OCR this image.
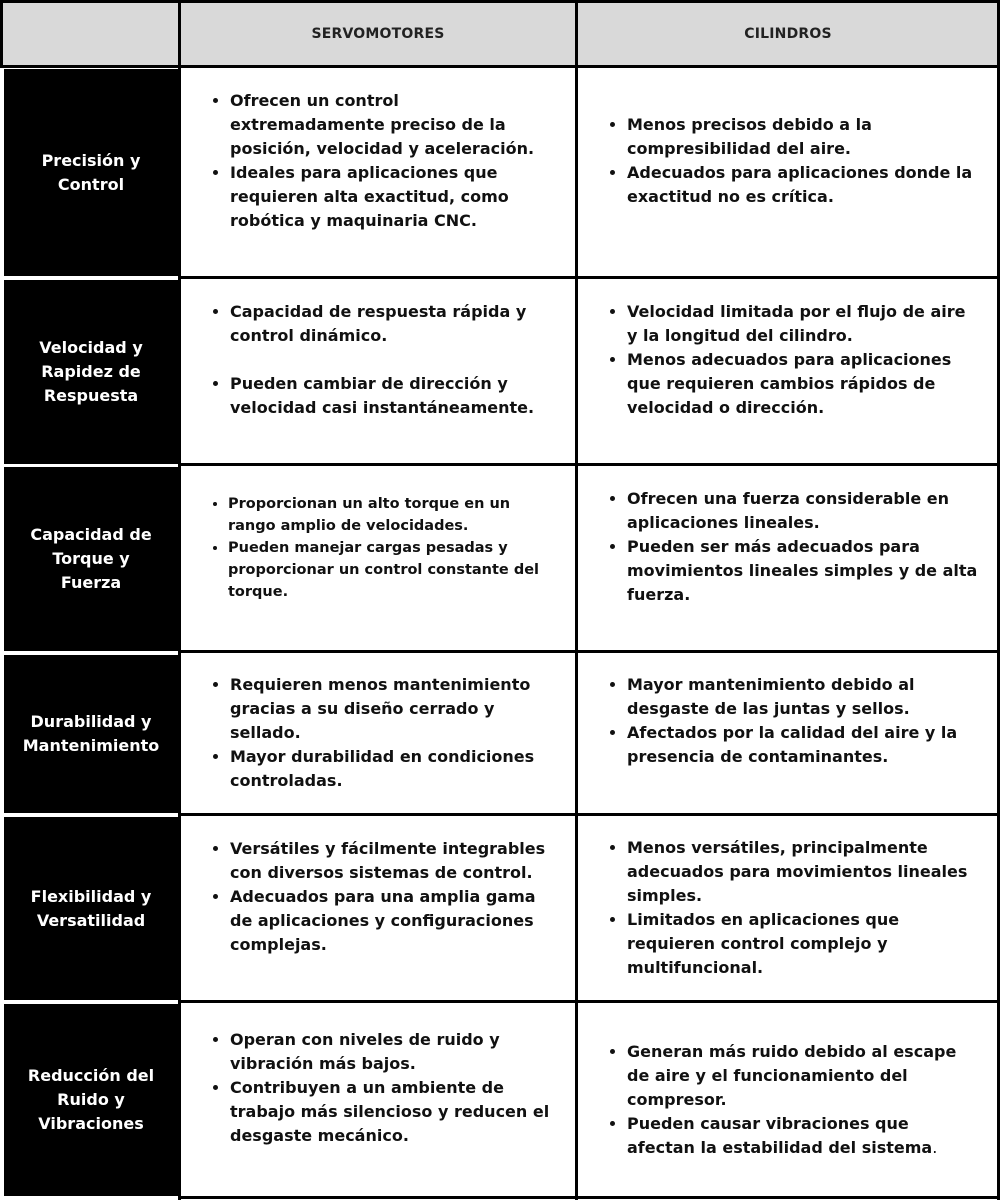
SERVOMOTORES	CILINDROS
Precisión y Control
• Ofrecen un control extremadamente preciso de la posición, velocidad y aceleración.
• Ideales para aplicaciones que requieren alta exactitud, como robótica y maquinaria CNC.
• Menos precisos debido a la compresibilidad del aire.
• Adecuados para aplicaciones donde la exactitud no es crítica.
Velocidad y Rapidez de Respuesta
• Capacidad de respuesta rápida y control dinámico.
• Pueden cambiar de dirección y velocidad casi instantáneamente.
• Velocidad limitada por el flujo de aire y la longitud del cilindro.
• Menos adecuados para aplicaciones que requieren cambios rápidos de velocidad o dirección.
Capacidad de Torque y Fuerza
• Proporcionan un alto torque en un rango amplio de velocidades.
• Pueden manejar cargas pesadas y proporcionar un control constante del torque.
• Ofrecen una fuerza considerable en aplicaciones lineales.
• Pueden ser más adecuados para movimientos lineales simples y de alta fuerza.
Durabilidad y Mantenimiento
• Requieren menos mantenimiento gracias a su diseño cerrado y sellado.
• Mayor durabilidad en condiciones controladas.
• Mayor mantenimiento debido al desgaste de las juntas y sellos.
• Afectados por la calidad del aire y la presencia de contaminantes.
Flexibilidad y Versatilidad
• Versátiles y fácilmente integrables con diversos sistemas de control.
• Adecuados para una amplia gama de aplicaciones y configuraciones complejas.
• Menos versátiles, principalmente adecuados para movimientos lineales simples.
• Limitados en aplicaciones que requieren control complejo y multifuncional.
Reducción del Ruido y Vibraciones
• Operan con niveles de ruido y vibración más bajos.
• Contribuyen a un ambiente de trabajo más silencioso y reducen el desgaste mecánico.
• Generan más ruido debido al escape de aire y el funcionamiento del compresor.
• Pueden causar vibraciones que afectan la estabilidad del sistema.
